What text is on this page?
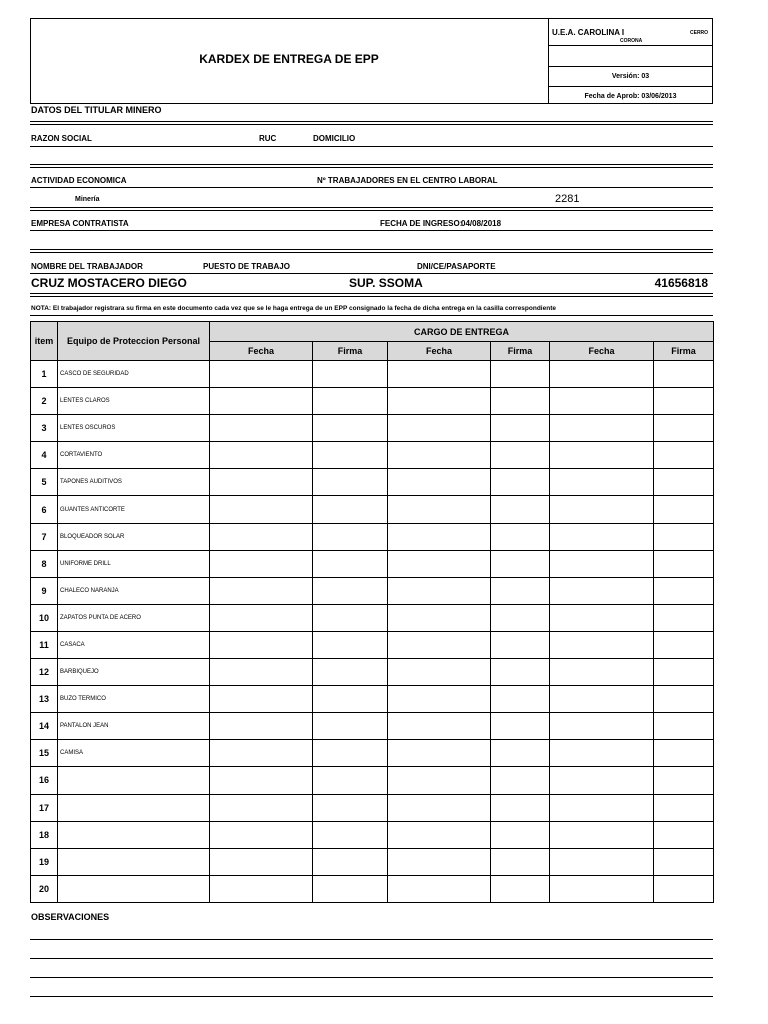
KARDEX DE ENTREGA DE EPP
U.E.A. CAROLINA I	CERRO
CORONA
Versión: 03
Fecha de Aprob: 03/06/2013
DATOS DEL TITULAR MINERO
RAZON SOCIAL	RUC	DOMICILIO
ACTIVIDAD ECONOMICA	Nº TRABAJADORES EN EL CENTRO LABORAL
Minería	2281
EMPRESA CONTRATISTA	FECHA DE INGRESO:
04/08/2018
NOMBRE DEL TRABAJADOR	PUESTO DE TRABAJO	DNI/CE/PASAPORTE
CRUZ MOSTACERO DIEGO	SUP. SSOMA	41656818
NOTA: El trabajador registrara su firma en este documento cada vez que se le haga entrega de un EPP consignado la fecha de dicha entrega en la casilla correspondiente
item	Equipo de Proteccion Personal	CARGO DE ENTREGA					
		Fecha	Firma	Fecha	Firma	Fecha	Firma
1	CASCO DE SEGURIDAD						
2	LENTES CLAROS						
3	LENTES OSCUROS						
4	CORTAVIENTO						
5	TAPONES AUDITIVOS						
6	GUANTES ANTICORTE						
7	BLOQUEADOR SOLAR						
8	UNIFORME DRILL						
9	CHALECO NARANJA						
10	ZAPATOS PUNTA DE ACERO						
11	CASACA						
12	BARBIQUEJO						
13	BUZO TERMICO						
14	PANTALON JEAN						
15	CAMISA						
16							
17							
18							
19							
20							
OBSERVACIONES
